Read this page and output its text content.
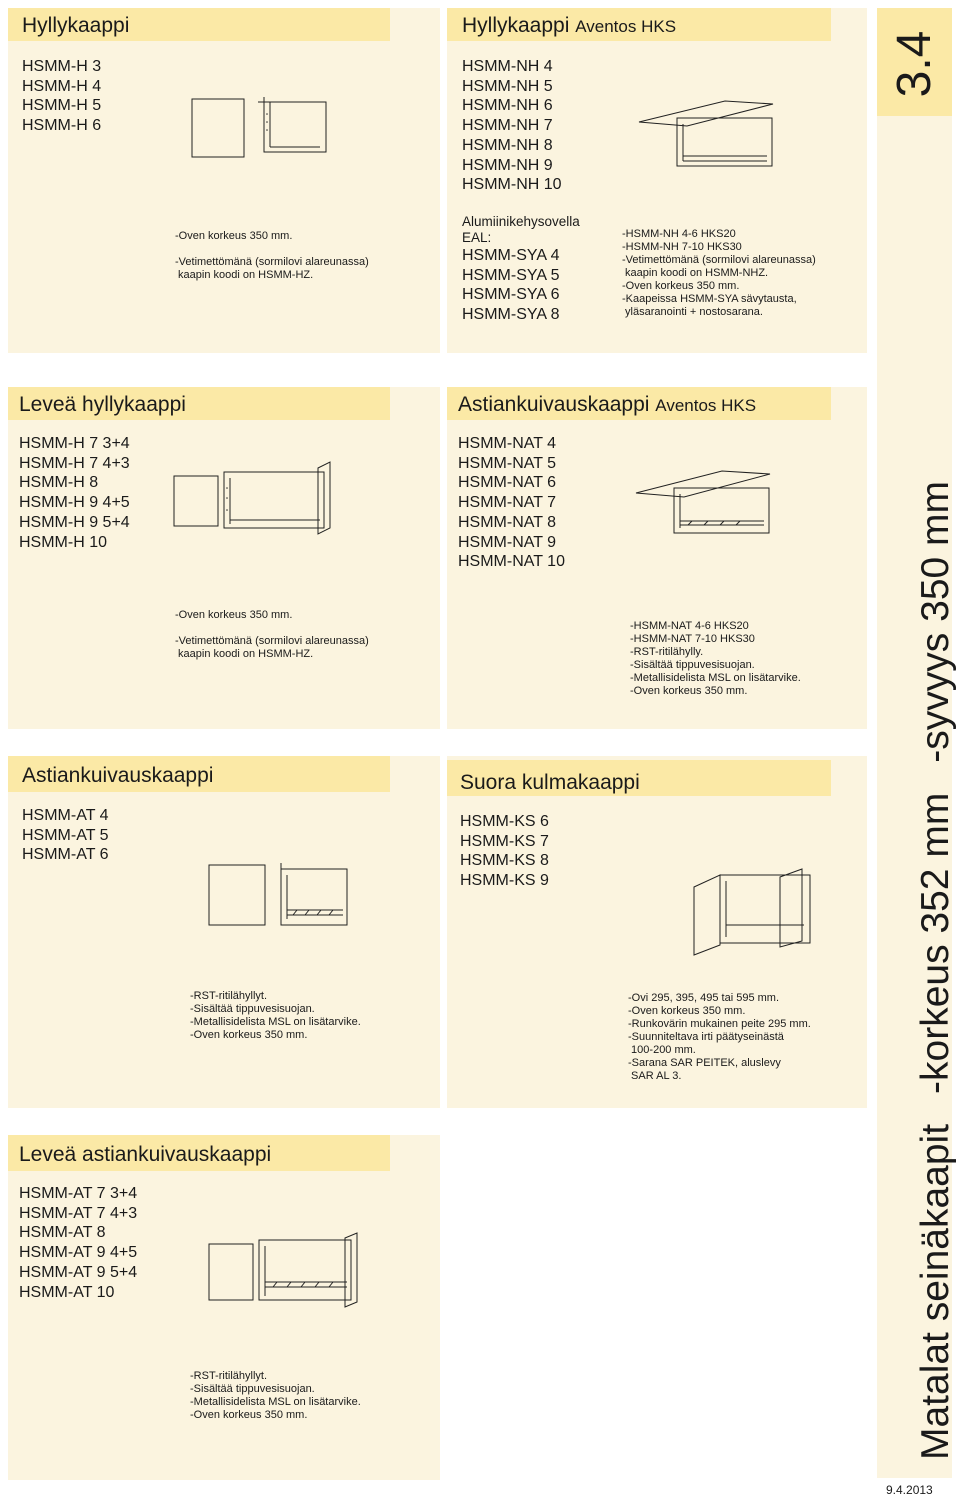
3.4
Matalat seinäkaapit-korkeus 352 mm-syvyys 350 mm
9.4.2013
Hyllykaappi
HSMM-H 3
HSMM-H 4
HSMM-H 5
HSMM-H 6
-Oven korkeus 350 mm.

-Vetimettömänä (sormilovi alareunassa)
kaapin koodi on HSMM-HZ.
Hyllykaappi Aventos HKS
HSMM-NH 4
HSMM-NH 5
HSMM-NH 6
HSMM-NH 7
HSMM-NH 8
HSMM-NH 9
HSMM-NH 10
Alumiinikehysovella
EAL:
HSMM-SYA 4
HSMM-SYA 5
HSMM-SYA 6
HSMM-SYA 8
-HSMM-NH 4-6 HKS20
-HSMM-NH 7-10 HKS30
-Vetimettömänä (sormilovi alareunassa)
kaapin koodi on HSMM-NHZ.
-Oven korkeus 350 mm.
-Kaapeissa HSMM-SYA sävytausta,
yläsaranointi + nostosarana.
Leveä hyllykaappi
HSMM-H 7 3+4
HSMM-H 7 4+3
HSMM-H 8
HSMM-H 9 4+5
HSMM-H 9 5+4
HSMM-H 10
-Oven korkeus 350 mm.

-Vetimettömänä (sormilovi alareunassa)
kaapin koodi on HSMM-HZ.
Astiankuivauskaappi Aventos HKS
HSMM-NAT 4
HSMM-NAT 5
HSMM-NAT 6
HSMM-NAT 7
HSMM-NAT 8
HSMM-NAT 9
HSMM-NAT 10
-HSMM-NAT 4-6 HKS20
-HSMM-NAT 7-10 HKS30
-RST-ritilähylly.
-Sisältää tippuvesisuojan.
-Metallisidelista MSL on lisätarvike.
-Oven korkeus 350 mm.
Astiankuivauskaappi
HSMM-AT 4
HSMM-AT 5
HSMM-AT 6
-RST-ritilähyllyt.
-Sisältää tippuvesisuojan.
-Metallisidelista MSL on lisätarvike.
-Oven korkeus 350 mm.
Suora kulmakaappi
HSMM-KS 6
HSMM-KS 7
HSMM-KS 8
HSMM-KS 9
-Ovi 295, 395, 495 tai 595 mm.
-Oven korkeus 350 mm.
-Runkovärin mukainen peite 295 mm.
-Suunniteltava irti päätyseinästä
100-200 mm.
-Sarana SAR PEITEK, aluslevy
SAR AL 3.
Leveä astiankuivauskaappi
HSMM-AT 7 3+4
HSMM-AT 7 4+3
HSMM-AT 8
HSMM-AT 9 4+5
HSMM-AT 9 5+4
HSMM-AT 10
-RST-ritilähyllyt.
-Sisältää tippuvesisuojan.
-Metallisidelista MSL on lisätarvike.
-Oven korkeus 350 mm.
